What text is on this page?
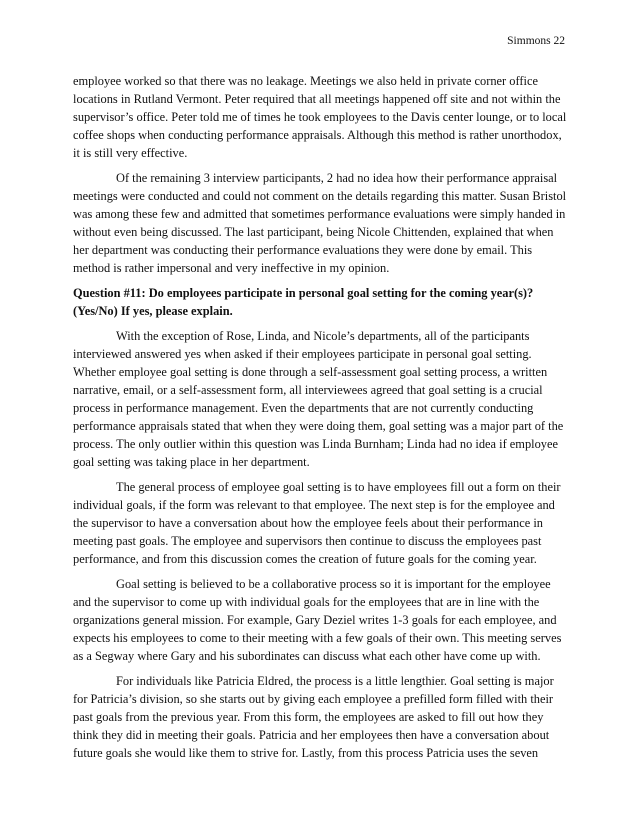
Simmons 22

employee worked so that there was no leakage. Meetings we also held in private corner office locations in Rutland Vermont. Peter required that all meetings happened off site and not within the supervisor’s office. Peter told me of times he took employees to the Davis center lounge, or to local coffee shops when conducting performance appraisals. Although this method is rather unorthodox, it is still very effective.

Of the remaining 3 interview participants, 2 had no idea how their performance appraisal meetings were conducted and could not comment on the details regarding this matter. Susan Bristol was among these few and admitted that sometimes performance evaluations were simply handed in without even being discussed. The last participant, being Nicole Chittenden, explained that when her department was conducting their performance evaluations they were done by email. This method is rather impersonal and very ineffective in my opinion.

Question #11: Do employees participate in personal goal setting for the coming year(s)? (Yes/No) If yes, please explain.

With the exception of Rose, Linda, and Nicole’s departments, all of the participants interviewed answered yes when asked if their employees participate in personal goal setting. Whether employee goal setting is done through a self-assessment goal setting process, a written narrative, email, or a self-assessment form, all interviewees agreed that goal setting is a crucial process in performance management. Even the departments that are not currently conducting performance appraisals stated that when they were doing them, goal setting was a major part of the process. The only outlier within this question was Linda Burnham; Linda had no idea if employee goal setting was taking place in her department.

The general process of employee goal setting is to have employees fill out a form on their individual goals, if the form was relevant to that employee. The next step is for the employee and the supervisor to have a conversation about how the employee feels about their performance in meeting past goals. The employee and supervisors then continue to discuss the employees past performance, and from this discussion comes the creation of future goals for the coming year.

Goal setting is believed to be a collaborative process so it is important for the employee and the supervisor to come up with individual goals for the employees that are in line with the organizations general mission. For example, Gary Deziel writes 1-3 goals for each employee, and expects his employees to come to their meeting with a few goals of their own. This meeting serves as a Segway where Gary and his subordinates can discuss what each other have come up with.

For individuals like Patricia Eldred, the process is a little lengthier. Goal setting is major for Patricia’s division, so she starts out by giving each employee a prefilled form filled with their past goals from the previous year. From this form, the employees are asked to fill out how they think they did in meeting their goals. Patricia and her employees then have a conversation about future goals she would like them to strive for. Lastly, from this process Patricia uses the seven
